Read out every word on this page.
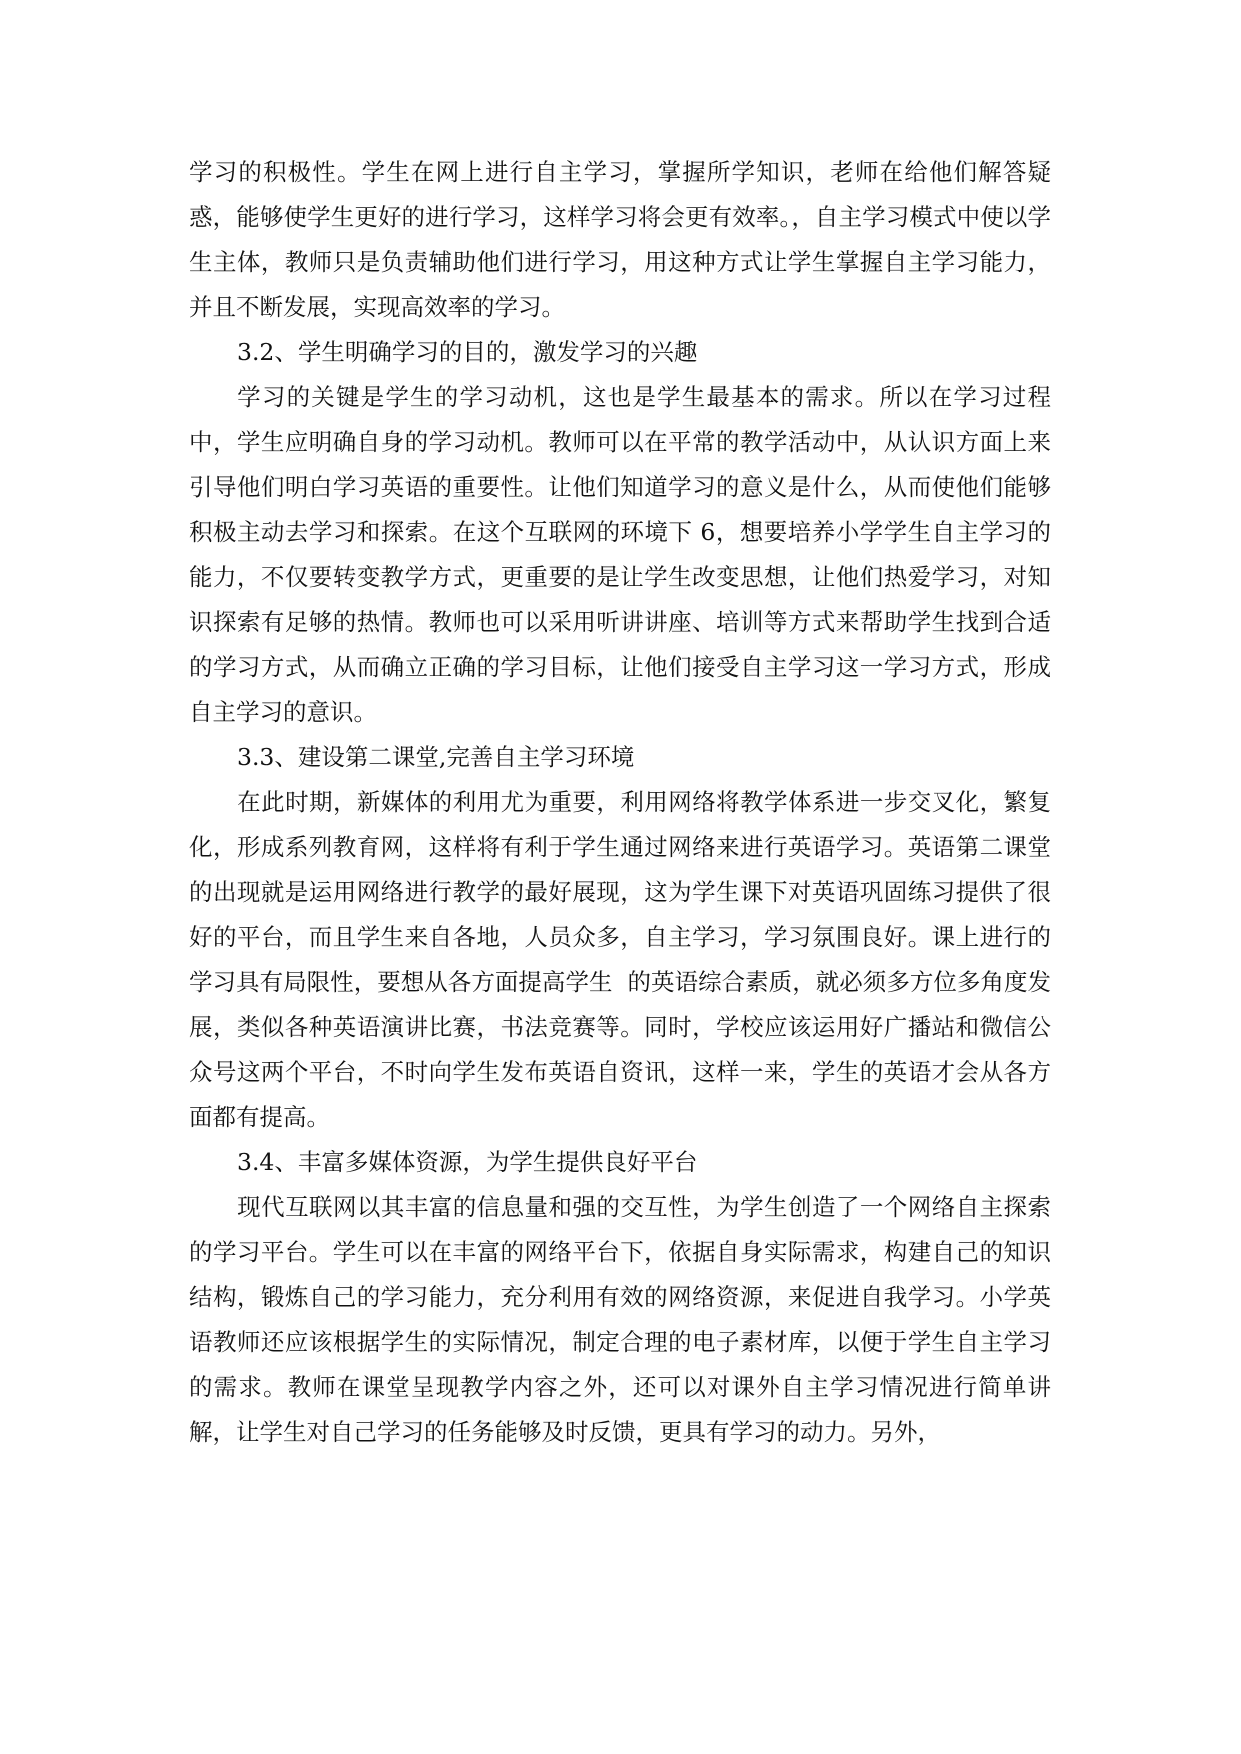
学习的积极性。学生在网上进行自主学习，掌握所学知识，老师在给他们解答疑惑，能够使学生更好的进行学习，这样学习将会更有效率。，自主学习模式中使以学生主体，教师只是负责辅助他们进行学习，用这种方式让学生掌握自主学习能力，并且不断发展，实现高效率的学习。

3.2、学生明确学习的目的，激发学习的兴趣

学习的关键是学生的学习动机，这也是学生最基本的需求。所以在学习过程中，学生应明确自身的学习动机。教师可以在平常的教学活动中，从认识方面上来引导他们明白学习英语的重要性。让他们知道学习的意义是什么，从而使他们能够积极主动去学习和探索。在这个互联网的环境下 6，想要培养小学学生自主学习的能力，不仅要转变教学方式，更重要的是让学生改变思想，让他们热爱学习，对知识探索有足够的热情。教师也可以采用听讲讲座、培训等方式来帮助学生找到合适的学习方式，从而确立正确的学习目标，让他们接受自主学习这一学习方式，形成自主学习的意识。

3.3、建设第二课堂,完善自主学习环境

在此时期，新媒体的利用尤为重要，利用网络将教学体系进一步交叉化，繁复化，形成系列教育网，这样将有利于学生通过网络来进行英语学习。英语第二课堂的出现就是运用网络进行教学的最好展现，这为学生课下对英语巩固练习提供了很好的平台，而且学生来自各地，人员众多，自主学习，学习氛围良好。课上进行的学习具有局限性，要想从各方面提高学生  的英语综合素质，就必须多方位多角度发展，类似各种英语演讲比赛，书法竞赛等。同时，学校应该运用好广播站和微信公众号这两个平台，不时向学生发布英语自资讯，这样一来，学生的英语才会从各方面都有提高。

3.4、丰富多媒体资源，为学生提供良好平台

现代互联网以其丰富的信息量和强的交互性，为学生创造了一个网络自主探索的学习平台。学生可以在丰富的网络平台下，依据自身实际需求，构建自己的知识结构，锻炼自己的学习能力，充分利用有效的网络资源，来促进自我学习。小学英语教师还应该根据学生的实际情况，制定合理的电子素材库，以便于学生自主学习的需求。教师在课堂呈现教学内容之外，还可以对课外自主学习情况进行简单讲解，让学生对自己学习的任务能够及时反馈，更具有学习的动力。另外，
